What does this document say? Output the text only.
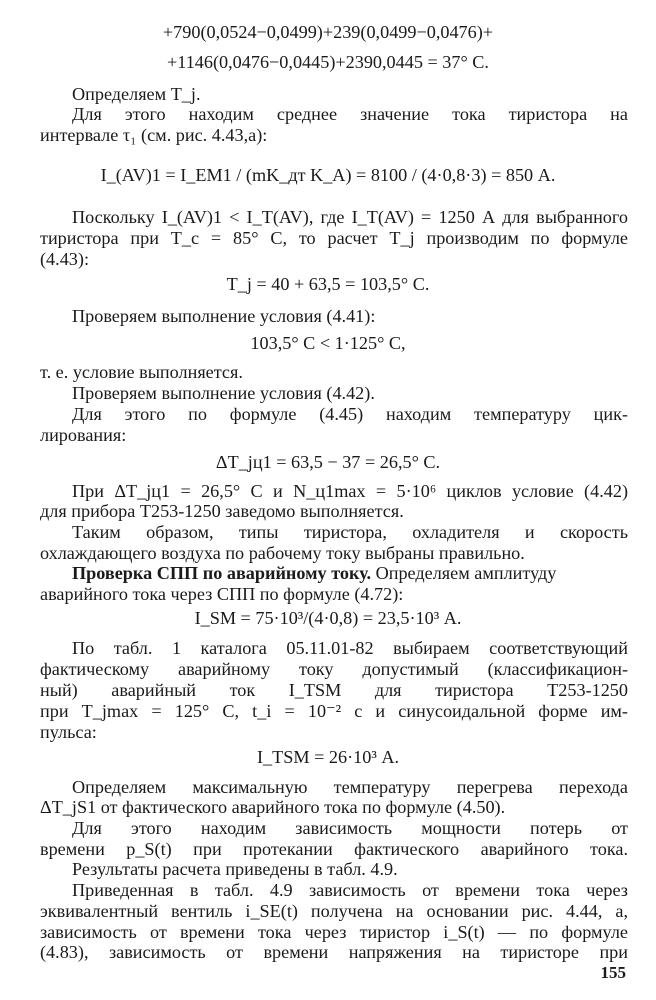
+790(0,0524−0,0499)+239(0,0499−0,0476)+
+1146(0,0476−0,0445)+2390,0445 = 37° C.
Определяем T_j.
Для этого находим среднее значение тока тиристора на
интервале τ₁ (см. рис. 4.43,а):
I_(AV)1 = I_EM1 / (mK_дт K_A) = 8100 / (4·0,8·3) = 850 А.
Поскольку I_(AV)1 < I_T(AV), где I_T(AV) = 1250 А для выбранного
тиристора при T_c = 85° C, то расчет T_j производим по формуле
(4.43):
T_j = 40 + 63,5 = 103,5° C.
Проверяем выполнение условия (4.41):
103,5° C < 1·125° C,
т. е. условие выполняется.
Проверяем выполнение условия (4.42).
Для этого по формуле (4.45) находим температуру цик-
лирования:
ΔT_jц1 = 63,5 − 37 = 26,5° C.
При ΔT_jц1 = 26,5° C и N_ц1max = 5·10⁶ циклов условие (4.42)
для прибора Т253-1250 заведомо выполняется.
Таким образом, типы тиристора, охладителя и скорость
охлаждающего воздуха по рабочему току выбраны правильно.
Проверка СПП по аварийному току. Определяем амплитуду
аварийного тока через СПП по формуле (4.72):
I_SM = 75·10³/(4·0,8) = 23,5·10³ А.
По табл. 1 каталога 05.11.01-82 выбираем соответствующий
фактическому аварийному току допустимый (классификацион-
ный) аварийный ток I_TSM для тиристора Т253-1250
при T_jmax = 125° C, t_i = 10⁻² с и синусоидальной форме им-
пульса:
I_TSM = 26·10³ А.
Определяем максимальную температуру перегрева перехода
ΔT_jS1 от фактического аварийного тока по формуле (4.50).
Для этого находим зависимость мощности потерь от
времени p_S(t) при протекании фактического аварийного тока.
Результаты расчета приведены в табл. 4.9.
Приведенная в табл. 4.9 зависимость от времени тока через
эквивалентный вентиль i_SE(t) получена на основании рис. 4.44, а,
зависимость от времени тока через тиристор i_S(t) — по формуле
(4.83), зависимость от времени напряжения на тиристоре при
155
